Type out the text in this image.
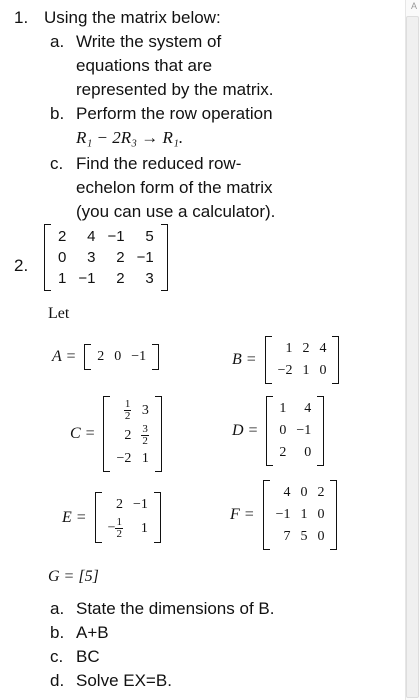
A
1. Using the matrix below:
a. Write the system of
equations that are
represented by the matrix.
b. Perform the row operation
R₁ − 2R₃ → R₁.
c. Find the reduced row-
echelon form of the matrix
(you can use a calculator).
2	4	−1	5
0	3	2	−1
1	−1	2	3
2.
Let
A = 2	0	−1	B =
1	2	4
−2	1	0
C =
$\frac{1}{2}$	3
2	$\frac{3}{2}$

−2	1
D =
1	4
0	−1
2	0
E =
2	−1
− $\frac{1}{2}$	1
F =
4	0	2
−1	1	0
7	5	0
G = [5]
a. State the dimensions of B.
b. A+B
c. BC
d. Solve EX=B.
